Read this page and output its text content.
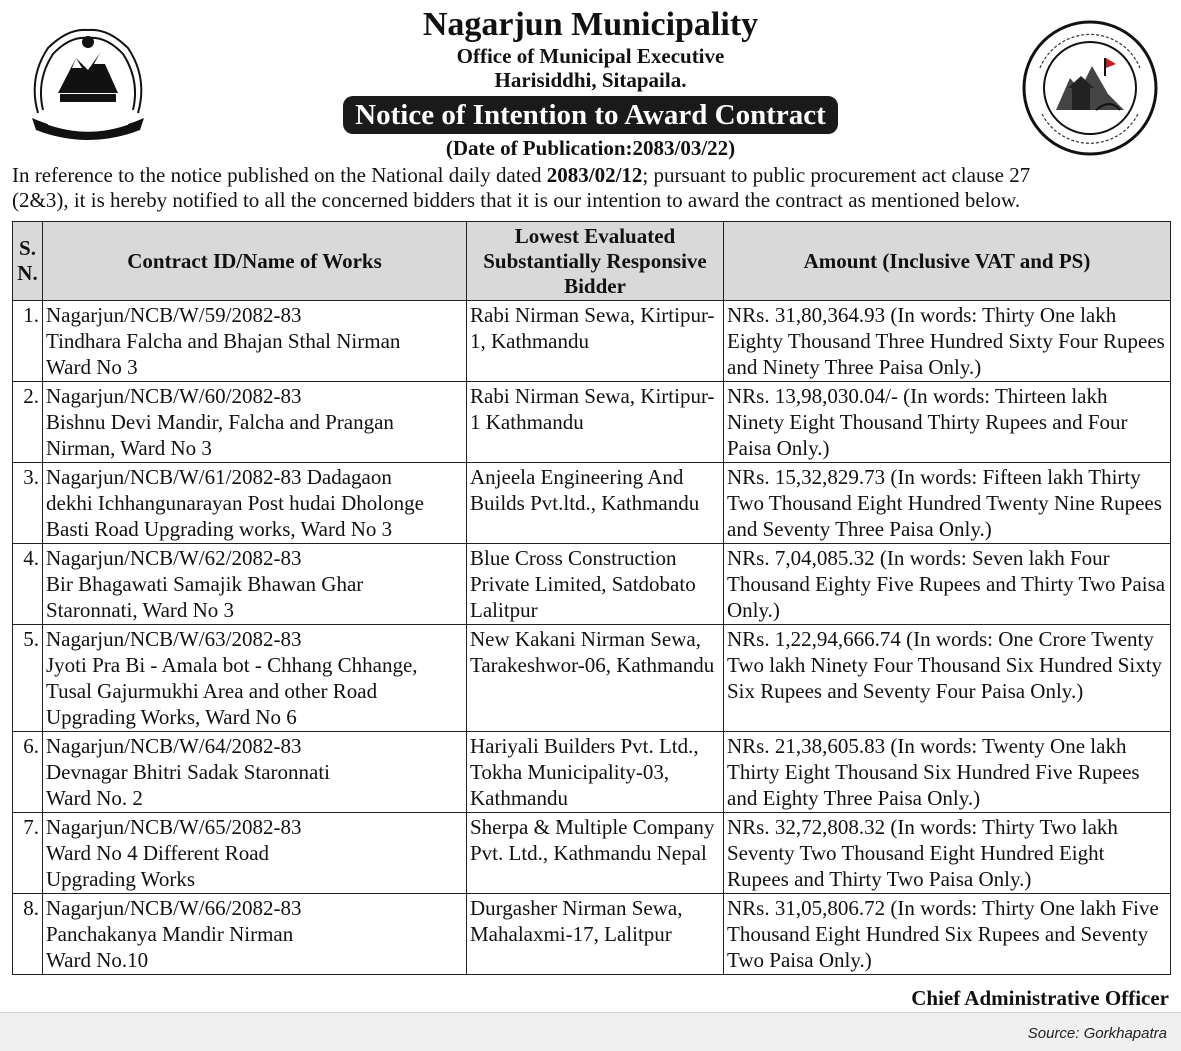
Nagarjun Municipality
Office of Municipal Executive
Harisiddhi, Sitapaila.
Notice of Intention to Award Contract
(Date of Publication:2083/03/22)
In reference to the notice published on the National daily dated 2083/02/12; pursuant to public procurement act clause 27
(2&3), it is hereby notified to all the concerned bidders that it is our intention to award the contract as mentioned below.
S. N.	Contract ID/Name of Works	Lowest Evaluated Substantially Responsive Bidder	Amount (Inclusive VAT and PS)
1.	Nagarjun/NCB/W/59/2082-83
Tindhara Falcha and Bhajan Sthal Nirman
Ward No 3	Rabi Nirman Sewa, Kirtipur-1, Kathmandu	NRs. 31,80,364.93 (In words: Thirty One lakh Eighty Thousand Three Hundred Sixty Four Rupees and Ninety Three Paisa Only.)
2.	Nagarjun/NCB/W/60/2082-83
Bishnu Devi Mandir, Falcha and Prangan
Nirman, Ward No 3	Rabi Nirman Sewa, Kirtipur-1 Kathmandu	NRs. 13,98,030.04/- (In words: Thirteen lakh Ninety Eight Thousand Thirty Rupees and Four Paisa Only.)
3.	Nagarjun/NCB/W/61/2082-83 Dadagaon
dekhi Ichhangunarayan Post hudai Dholonge
Basti Road Upgrading works, Ward No 3	Anjeela Engineering And Builds Pvt.ltd., Kathmandu	NRs. 15,32,829.73 (In words: Fifteen lakh Thirty Two Thousand Eight Hundred Twenty Nine Rupees and Seventy Three Paisa Only.)
4.	Nagarjun/NCB/W/62/2082-83
Bir Bhagawati Samajik Bhawan Ghar
Staronnati, Ward No 3	Blue Cross Construction Private Limited, Satdobato Lalitpur	NRs. 7,04,085.32 (In words: Seven lakh Four Thousand Eighty Five Rupees and Thirty Two Paisa Only.)
5.	Nagarjun/NCB/W/63/2082-83
Jyoti Pra Bi - Amala bot - Chhang Chhange,
Tusal Gajurmukhi Area and other Road
Upgrading Works, Ward No 6	New Kakani Nirman Sewa, Tarakeshwor-06, Kathmandu	NRs. 1,22,94,666.74 (In words: One Crore Twenty Two lakh Ninety Four Thousand Six Hundred Sixty Six Rupees and Seventy Four Paisa Only.)
6.	Nagarjun/NCB/W/64/2082-83
Devnagar Bhitri Sadak Staronnati
Ward No. 2	Hariyali Builders Pvt. Ltd., Tokha Municipality-03, Kathmandu	NRs. 21,38,605.83 (In words: Twenty One lakh Thirty Eight Thousand Six Hundred Five Rupees and Eighty Three Paisa Only.)
7.	Nagarjun/NCB/W/65/2082-83
Ward No 4 Different Road
Upgrading Works	Sherpa & Multiple Company Pvt. Ltd., Kathmandu Nepal	NRs. 32,72,808.32 (In words: Thirty Two lakh Seventy Two Thousand Eight Hundred Eight Rupees and Thirty Two Paisa Only.)
8.	Nagarjun/NCB/W/66/2082-83
Panchakanya Mandir Nirman
Ward No.10	Durgasher Nirman Sewa, Mahalaxmi-17, Lalitpur	NRs. 31,05,806.72 (In words: Thirty One lakh Five Thousand Eight Hundred Six Rupees and Seventy Two Paisa Only.)
Chief Administrative Officer
Source: Gorkhapatra
